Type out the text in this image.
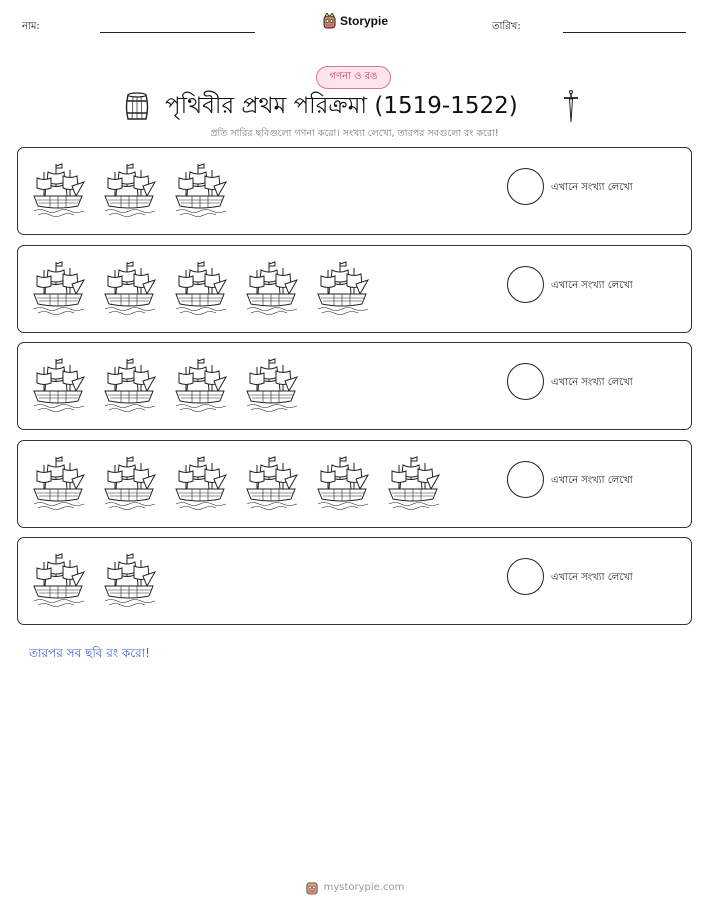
নাম:	Storypie	তারিখ:
গণনা ও রঙ
পৃথিবীর প্রথম পরিক্রমা (1519-1522)
প্রতি সারির ছবিগুলো গণনা করো। সংখ্যা লেখো, তারপর সবগুলো রং করো!
এখানে সংখ্যা লেখো
এখানে সংখ্যা লেখো
এখানে সংখ্যা লেখো
এখানে সংখ্যা লেখো
এখানে সংখ্যা লেখো
তারপর সব ছবি রং করো!
mystorypie.com
